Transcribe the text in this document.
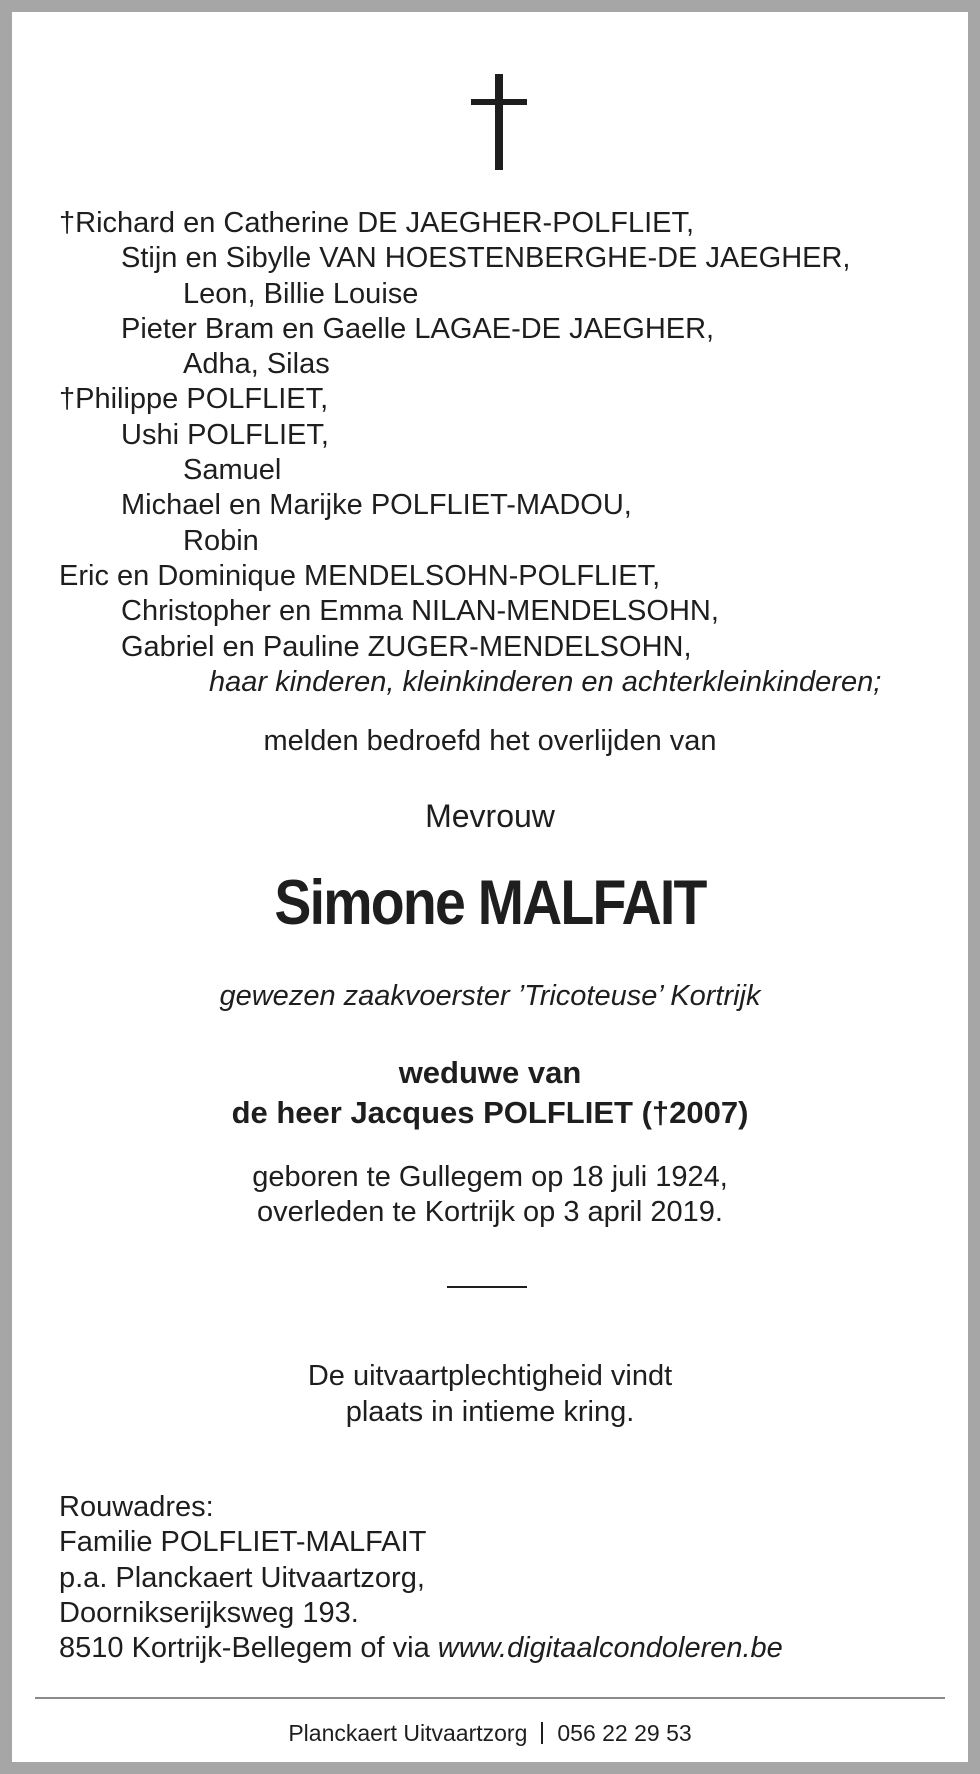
†Richard en Catherine DE JAEGHER-POLFLIET,
Stijn en Sibylle VAN HOESTENBERGHE-DE JAEGHER,
Leon, Billie Louise
Pieter Bram en Gaelle LAGAE-DE JAEGHER,
Adha, Silas
†Philippe POLFLIET,
Ushi POLFLIET,
Samuel
Michael en Marijke POLFLIET-MADOU,
Robin
Eric en Dominique MENDELSOHN-POLFLIET,
Christopher en Emma NILAN-MENDELSOHN,
Gabriel en Pauline ZUGER-MENDELSOHN,
haar kinderen, kleinkinderen en achterkleinkinderen;
melden bedroefd het overlijden van
Mevrouw
Simone MALFAIT
gewezen zaakvoerster ’Tricoteuse’ Kortrijk
weduwe van
de heer Jacques POLFLIET (†2007)
geboren te Gullegem op 18 juli 1924,
overleden te Kortrijk op 3 april 2019.
De uitvaartplechtigheid vindt
plaats in intieme kring.
Rouwadres:
Familie POLFLIET-MALFAIT
p.a. Planckaert Uitvaartzorg,
Doornikserijksweg 193.
8510 Kortrijk-Bellegem of via www.digitaalcondoleren.be
Planckaert Uitvaartzorg 056 22 29 53
